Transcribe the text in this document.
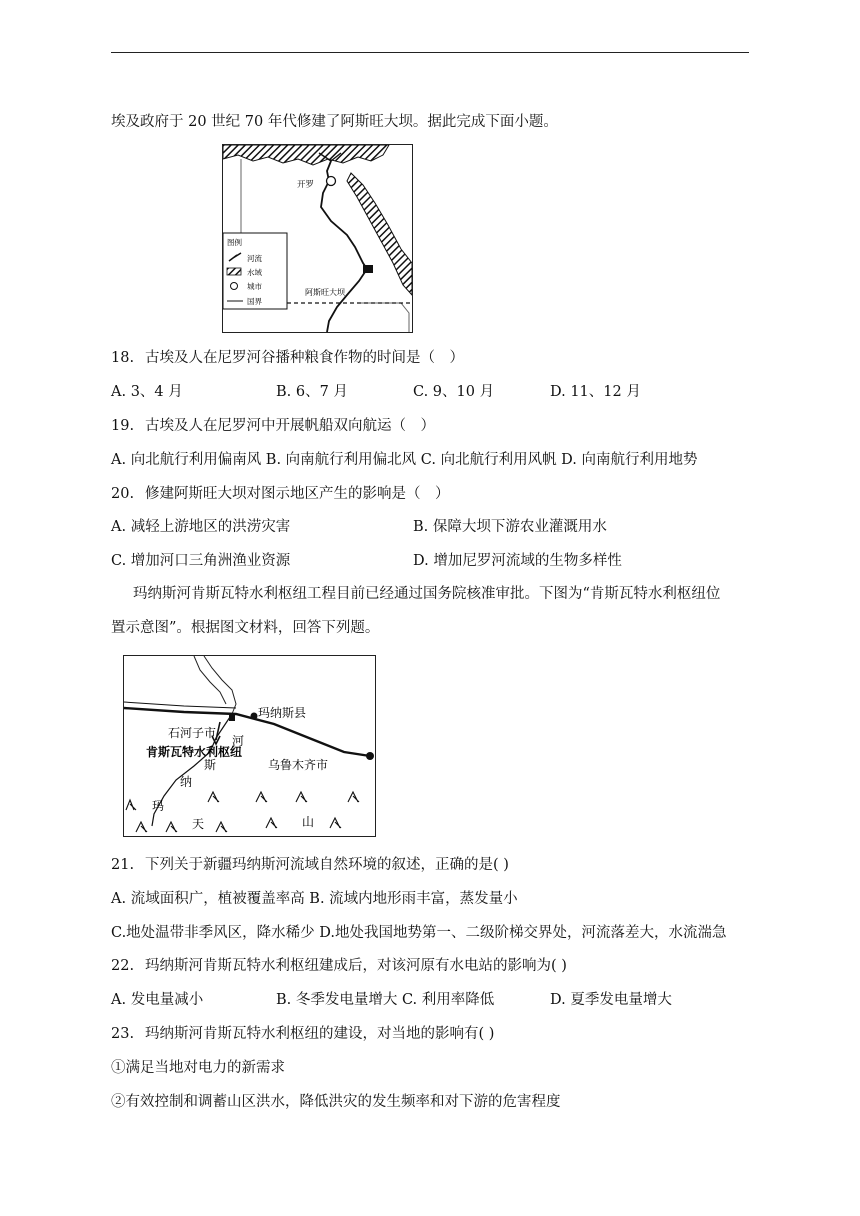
埃及政府于 20 世纪 70 年代修建了阿斯旺大坝。据此完成下面小题。
开罗
阿斯旺大坝
图例
河流
水域
城市
国界
18. 古埃及人在尼罗河谷播种粮食作物的时间是（　）
A. 3、4 月	B. 6、7 月	C. 9、10 月	D. 11、12 月
19. 古埃及人在尼罗河中开展帆船双向航运（　）
A. 向北航行利用偏南风 B. 向南航行利用偏北风 C. 向北航行利用风帆 D. 向南航行利用地势
20. 修建阿斯旺大坝对图示地区产生的影响是（　）
A. 减轻上游地区的洪涝灾害	B. 保障大坝下游农业灌溉用水
C. 增加河口三角洲渔业资源	D. 增加尼罗河流域的生物多样性
玛纳斯河肯斯瓦特水利枢纽工程目前已经通过国务院核准审批。下图为“肯斯瓦特水利枢纽位
置示意图”。根据图文材料，回答下列题。
玛纳斯县
石河子市
肯斯瓦特水利枢纽
乌鲁木齐市
河
斯
纳
玛
天	山
21. 下列关于新疆玛纳斯河流域自然环境的叙述，正确的是( )
A. 流域面积广，植被覆盖率高 B. 流域内地形雨丰富，蒸发量小
C.地处温带非季风区，降水稀少 D.地处我国地势第一、二级阶梯交界处，河流落差大，水流湍急
22. 玛纳斯河肯斯瓦特水利枢纽建成后，对该河原有水电站的影响为( )
A. 发电量减小	B. 冬季发电量增大 C. 利用率降低	D. 夏季发电量增大
23. 玛纳斯河肯斯瓦特水利枢纽的建设，对当地的影响有( )
①满足当地对电力的新需求
②有效控制和调蓄山区洪水，降低洪灾的发生频率和对下游的危害程度
